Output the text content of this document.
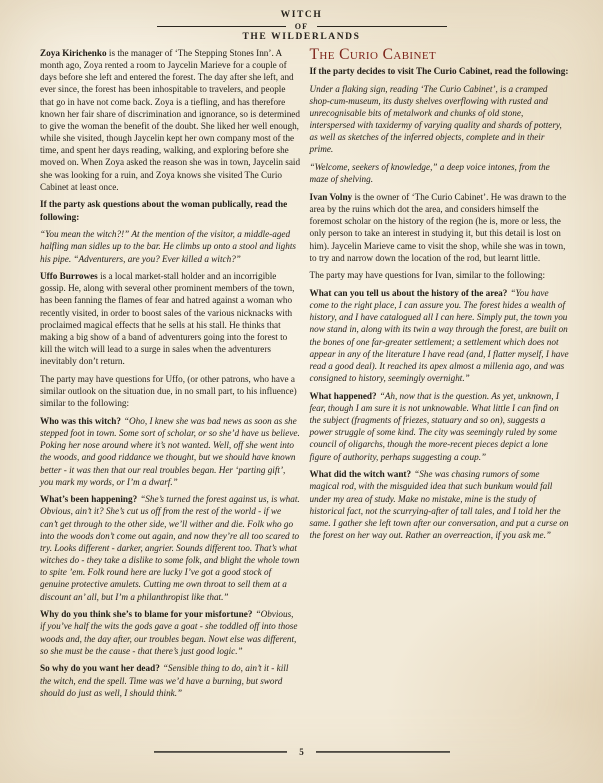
WITCH
OF
THE WILDERLANDS

Zoya Kirichenko is the manager of ‘The Stepping Stones Inn’. A month ago, Zoya rented a room to Jaycelin Marieve for a couple of days before she left and entered the forest. The day after she left, and ever since, the forest has been inhospitable to travelers, and people that go in have not come back. Zoya is a tiefling, and has therefore known her fair share of discrimination and ignorance, so is determined to give the woman the benefit of the doubt. She liked her well enough, while she visited, though Jaycelin kept her own company most of the time, and spent her days reading, walking, and exploring before she moved on. When Zoya asked the reason she was in town, Jaycelin said she was looking for a ruin, and Zoya knows she visited The Curio Cabinet at least once.

If the party ask questions about the woman publically, read the following:

“You mean the witch?!” At the mention of the visitor, a middle-aged halfling man sidles up to the bar. He climbs up onto a stool and lights his pipe. “Adventurers, are you? Ever killed a witch?”

Uffo Burrowes is a local market-stall holder and an incorrigible gossip. He, along with several other prominent members of the town, has been fanning the flames of fear and hatred against a woman who recently visited, in order to boost sales of the various nicknacks with proclaimed magical effects that he sells at his stall. He thinks that making a big show of a band of adventurers going into the forest to kill the witch will lead to a surge in sales when the adventurers inevitably don’t return.

The party may have questions for Uffo, (or other patrons, who have a similar outlook on the situation due, in no small part, to his influence) similar to the following:

Who was this witch? “Oho, I knew she was bad news as soon as she stepped foot in town. Some sort of scholar, or so she’d have us believe. Poking her nose around where it’s not wanted. Well, off she went into the woods, and good riddance we thought, but we should have known better - it was then that our real troubles began. Her ‘parting gift’, you mark my words, or I’m a dwarf.”

What’s been happening? “She’s turned the forest against us, is what. Obvious, ain’t it? She’s cut us off from the rest of the world - if we can’t get through to the other side, we’ll wither and die. Folk who go into the woods don’t come out again, and now they’re all too scared to try. Looks different - darker, angrier. Sounds different too. That’s what witches do - they take a dislike to some folk, and blight the whole town to spite ’em. Folk round here are lucky I’ve got a good stock of genuine protective amulets. Cutting me own throat to sell them at a discount an’ all, but I’m a philanthropist like that.”

Why do you think she’s to blame for your misfortune? “Obvious, if you’ve half the wits the gods gave a goat - she toddled off into those woods and, the day after, our troubles began. Nowt else was different, so she must be the cause - that there’s just good logic.”

So why do you want her dead? “Sensible thing to do, ain’t it - kill the witch, end the spell. Time was we’d have a burning, but sword should do just as well, I should think.”

The Curio Cabinet

If the party decides to visit The Curio Cabinet, read the following:

Under a flaking sign, reading ‘The Curio Cabinet’, is a cramped shop-cum-museum, its dusty shelves overflowing with rusted and unrecognisable bits of metalwork and chunks of old stone, interspersed with taxidermy of varying quality and shards of pottery, as well as sketches of the inferred objects, complete and in their prime.

“Welcome, seekers of knowledge,” a deep voice intones, from the maze of shelving.

Ivan Volny is the owner of ‘The Curio Cabinet’. He was drawn to the area by the ruins which dot the area, and considers himself the foremost scholar on the history of the region (he is, more or less, the only person to take an interest in studying it, but this detail is lost on him). Jaycelin Marieve came to visit the shop, while she was in town, to try and narrow down the location of the rod, but learnt little.

The party may have questions for Ivan, similar to the following:

What can you tell us about the history of the area? “You have come to the right place, I can assure you. The forest hides a wealth of history, and I have catalogued all I can here. Simply put, the town you now stand in, along with its twin a way through the forest, are built on the bones of one far-greater settlement; a settlement which does not appear in any of the literature I have read (and, I flatter myself, I have read a good deal). It reached its apex almost a millenia ago, and was consigned to history, seemingly overnight.”

What happened? “Ah, now that is the question. As yet, unknown, I fear, though I am sure it is not unknowable. What little I can find on the subject (fragments of friezes, statuary and so on), suggests a power struggle of some kind. The city was seemingly ruled by some council of oligarchs, though the more-recent pieces depict a lone figure of authority, perhaps suggesting a coup.”

What did the witch want? “She was chasing rumors of some magical rod, with the misguided idea that such bunkum would fall under my area of study. Make no mistake, mine is the study of historical fact, not the scurrying-after of tall tales, and I told her the same. I gather she left town after our conversation, and put a curse on the forest on her way out. Rather an overreaction, if you ask me.”

5
